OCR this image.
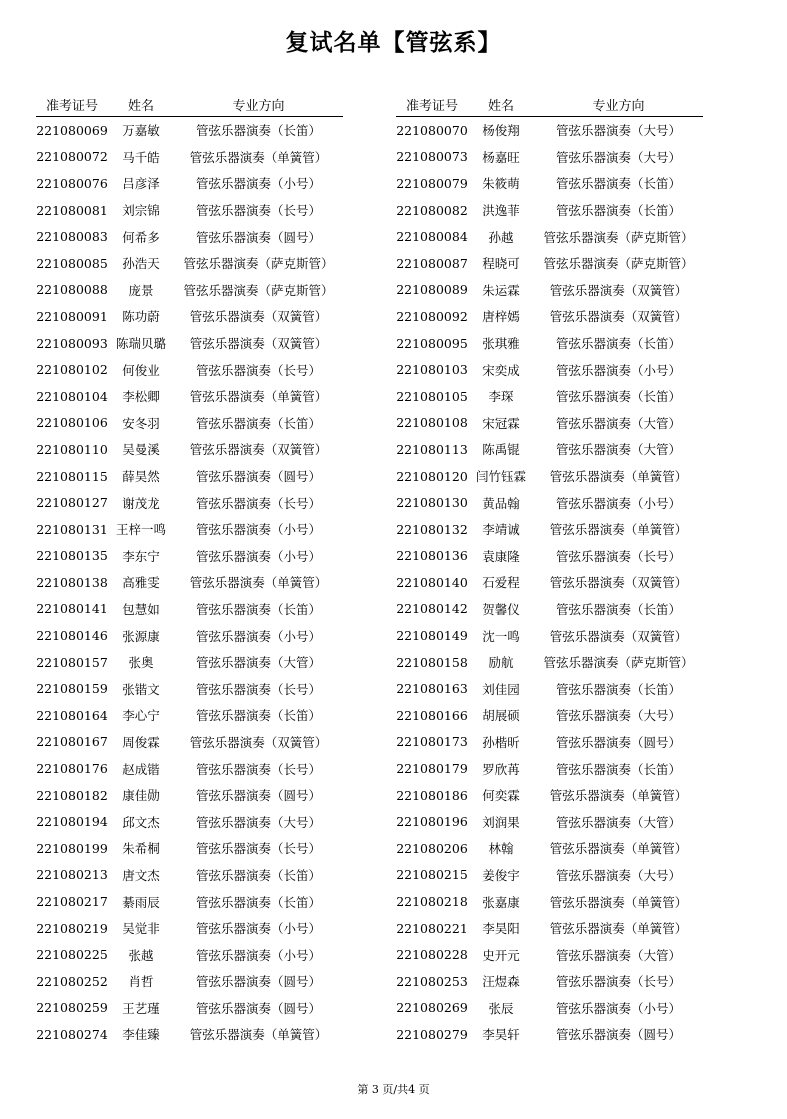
复试名单【管弦系】
准考证号	姓名	专业方向
221080069	万嘉敏	管弦乐器演奏（长笛）
221080072	马千皓	管弦乐器演奏（单簧管）
221080076	吕彦泽	管弦乐器演奏（小号）
221080081	刘宗锦	管弦乐器演奏（长号）
221080083	何希多	管弦乐器演奏（圆号）
221080085	孙浩天	管弦乐器演奏（萨克斯管）
221080088	庞景	管弦乐器演奏（萨克斯管）
221080091	陈功蔚	管弦乐器演奏（双簧管）
221080093	陈瑞贝璐	管弦乐器演奏（双簧管）
221080102	何俊业	管弦乐器演奏（长号）
221080104	李松卿	管弦乐器演奏（单簧管）
221080106	安冬羽	管弦乐器演奏（长笛）
221080110	吴曼溪	管弦乐器演奏（双簧管）
221080115	薛昊然	管弦乐器演奏（圆号）
221080127	谢茂龙	管弦乐器演奏（长号）
221080131	王梓一鸣	管弦乐器演奏（小号）
221080135	李东宁	管弦乐器演奏（小号）
221080138	高雅雯	管弦乐器演奏（单簧管）
221080141	包慧如	管弦乐器演奏（长笛）
221080146	张源康	管弦乐器演奏（小号）
221080157	张奥	管弦乐器演奏（大管）
221080159	张锴文	管弦乐器演奏（长号）
221080164	李心宁	管弦乐器演奏（长笛）
221080167	周俊霖	管弦乐器演奏（双簧管）
221080176	赵成锴	管弦乐器演奏（长号）
221080182	康佳勋	管弦乐器演奏（圆号）
221080194	邱文杰	管弦乐器演奏（大号）
221080199	朱希桐	管弦乐器演奏（长号）
221080213	唐文杰	管弦乐器演奏（长笛）
221080217	綦雨辰	管弦乐器演奏（长笛）
221080219	吴觉非	管弦乐器演奏（小号）
221080225	张越	管弦乐器演奏（小号）
221080252	肖哲	管弦乐器演奏（圆号）
221080259	王艺瑾	管弦乐器演奏（圆号）
221080274	李佳臻	管弦乐器演奏（单簧管）
准考证号	姓名	专业方向
221080070	杨俊翔	管弦乐器演奏（大号）
221080073	杨嘉旺	管弦乐器演奏（大号）
221080079	朱筱萌	管弦乐器演奏（长笛）
221080082	洪逸菲	管弦乐器演奏（长笛）
221080084	孙越	管弦乐器演奏（萨克斯管）
221080087	程晓可	管弦乐器演奏（萨克斯管）
221080089	朱运霖	管弦乐器演奏（双簧管）
221080092	唐梓嫣	管弦乐器演奏（双簧管）
221080095	张琪雅	管弦乐器演奏（长笛）
221080103	宋奕成	管弦乐器演奏（小号）
221080105	李琛	管弦乐器演奏（长笛）
221080108	宋冠霖	管弦乐器演奏（大管）
221080113	陈禹锟	管弦乐器演奏（大管）
221080120	闫竹钰霖	管弦乐器演奏（单簧管）
221080130	黄品翰	管弦乐器演奏（小号）
221080132	李靖诚	管弦乐器演奏（单簧管）
221080136	袁康隆	管弦乐器演奏（长号）
221080140	石爱程	管弦乐器演奏（双簧管）
221080142	贺馨仪	管弦乐器演奏（长笛）
221080149	沈一鸣	管弦乐器演奏（双簧管）
221080158	励航	管弦乐器演奏（萨克斯管）
221080163	刘佳园	管弦乐器演奏（长笛）
221080166	胡展硕	管弦乐器演奏（大号）
221080173	孙楷昕	管弦乐器演奏（圆号）
221080179	罗欣苒	管弦乐器演奏（长笛）
221080186	何奕霖	管弦乐器演奏（单簧管）
221080196	刘润果	管弦乐器演奏（大管）
221080206	林翰	管弦乐器演奏（单簧管）
221080215	姜俊宇	管弦乐器演奏（大号）
221080218	张嘉康	管弦乐器演奏（单簧管）
221080221	李昊阳	管弦乐器演奏（单簧管）
221080228	史开元	管弦乐器演奏（大管）
221080253	汪煜森	管弦乐器演奏（长号）
221080269	张辰	管弦乐器演奏（小号）
221080279	李昊轩	管弦乐器演奏（圆号）
第 3 页/共4 页
